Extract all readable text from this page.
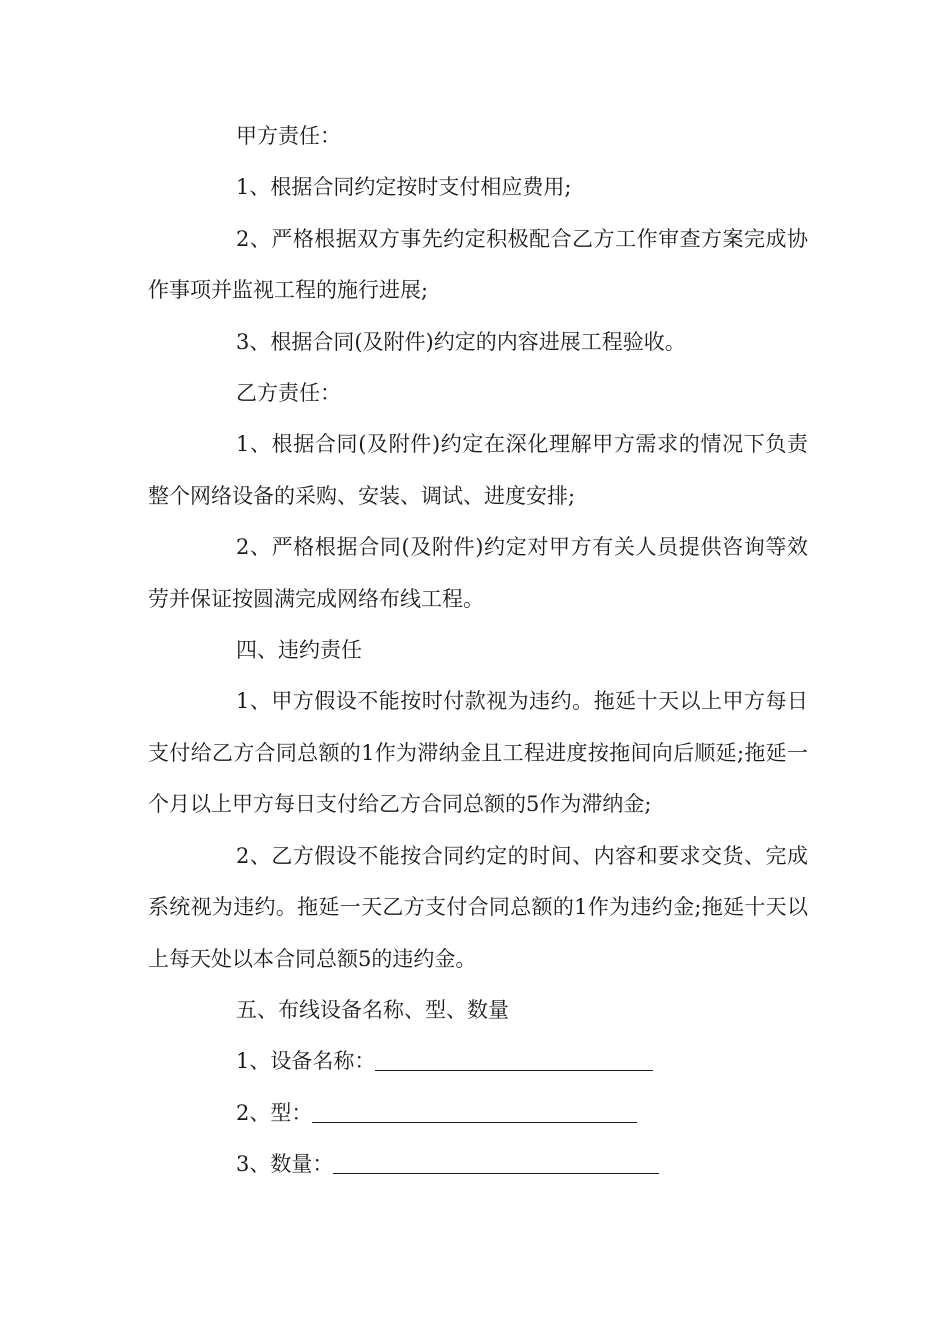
甲方责任：

1、根据合同约定按时支付相应费用;

2、严格根据双方事先约定积极配合乙方工作审查方案完成协作事项并监视工程的施行进展;

3、根据合同(及附件)约定的内容进展工程验收。

乙方责任：

1、根据合同(及附件)约定在深化理解甲方需求的情况下负责整个网络设备的采购、安装、调试、进度安排;

2、严格根据合同(及附件)约定对甲方有关人员提供咨询等效劳并保证按圆满完成网络布线工程。

四、违约责任

1、甲方假设不能按时付款视为违约。拖延十天以上甲方每日支付给乙方合同总额的1作为滞纳金且工程进度按拖间向后顺延;拖延一个月以上甲方每日支付给乙方合同总额的5作为滞纳金;

2、乙方假设不能按合同约定的时间、内容和要求交货、完成系统视为违约。拖延一天乙方支付合同总额的1作为违约金;拖延十天以上每天处以本合同总额5的违约金。

五、布线设备名称、型、数量

1、设备名称：

2、型：

3、数量：
